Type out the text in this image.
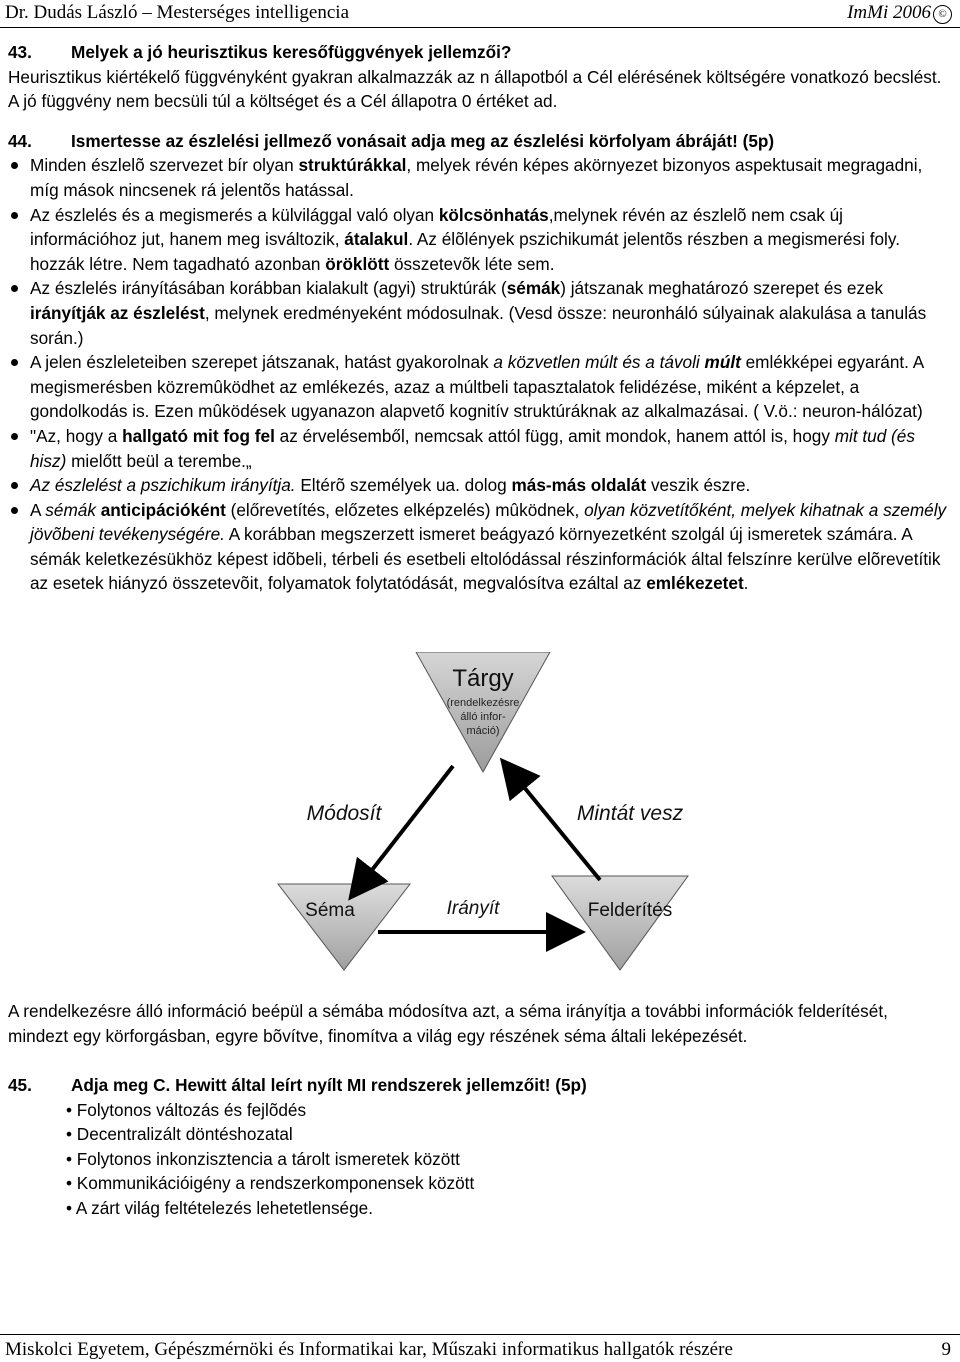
Dr. Dudás László – Mesterséges intelligencia	ImMi 2006 ©

43. Melyek a jó heurisztikus keresőfüggvények jellemzői?

Heurisztikus kiértékelő függvényként gyakran alkalmazzák az n állapotból a Cél elérésének költségére vonatkozó becslést. A jó függvény nem becsüli túl a költséget és a Cél állapotra 0 értéket ad.

44. Ismertesse az észlelési jellmező vonásait adja meg az észlelési körfolyam ábráját! (5p)

Minden észlelõ szervezet bír olyan struktúrákkal, melyek révén képes akörnyezet bizonyos aspektusait megragadni, míg mások nincsenek rá jelentõs hatással.
Az észlelés és a megismerés a külvilággal való olyan kölcsönhatás,melynek révén az észlelõ nem csak új információhoz jut, hanem meg isváltozik, átalakul. Az élõlények pszichikumát jelentõs részben a megismerési foly. hozzák létre. Nem tagadható azonban öröklött összetevõk léte sem.
Az észlelés irányításában korábban kialakult (agyi) struktúrák (sémák) játszanak meghatározó szerepet és ezek irányítják az észlelést, melynek eredményeként módosulnak. (Vesd össze: neuronháló súlyainak alakulása a tanulás során.)
A jelen észleleteiben szerepet játszanak, hatást gyakorolnak a közvetlen múlt és a távoli múlt emlékképei egyaránt. A megismerésben közremûködhet az emlékezés, azaz a múltbeli tapasztalatok felidézése, miként a képzelet, a gondolkodás is. Ezen mûködések ugyanazon alapvető kognitív struktúráknak az alkalmazásai. ( V.ö.: neuron-hálózat)
"Az, hogy a hallgató mit fog fel az érvelésemből, nemcsak attól függ, amit mondok, hanem attól is, hogy mit tud (és hisz) mielőtt beül a terembe.„
Az észlelést a pszichikum irányítja. Eltérõ személyek ua. dolog más-más oldalát veszik észre.
A sémák anticipációként (előrevetítés, előzetes elképzelés) mûködnek, olyan közvetítőként, melyek kihatnak a személy jövõbeni tevékenységére. A korábban megszerzett ismeret beágyazó környezetként szolgál új ismeretek számára. A sémák keletkezésükhöz képest idõbeli, térbeli és esetbeli eltolódással részinformációk által felszínre kerülve elõrevetítik az esetek hiányzó összetevõit, folyamatok folytatódását, megvalósítva ezáltal az emlékezetet.
Tárgy
(rendelkezésre
álló infor-
máció)
Módosít	Mintát vesz
Séma	Felderítés
Irányít

A rendelkezésre álló információ beépül a sémába módosítva azt, a séma irányítja a további információk felderítését, mindezt egy körforgásban, egyre bõvítve, finomítva a világ egy részének séma általi leképezését.

45. Adja meg C. Hewitt által leírt nyílt MI rendszerek jellemzőit! (5p)

• Folytonos változás és fejlõdés
• Decentralizált döntéshozatal
• Folytonos inkonzisztencia a tárolt ismeretek között
• Kommunikációigény a rendszerkomponensek között
• A zárt világ feltételezés lehetetlensége.
Miskolci Egyetem, Gépészmérnöki és Informatikai kar, Műszaki informatikus hallgatók részére	9
